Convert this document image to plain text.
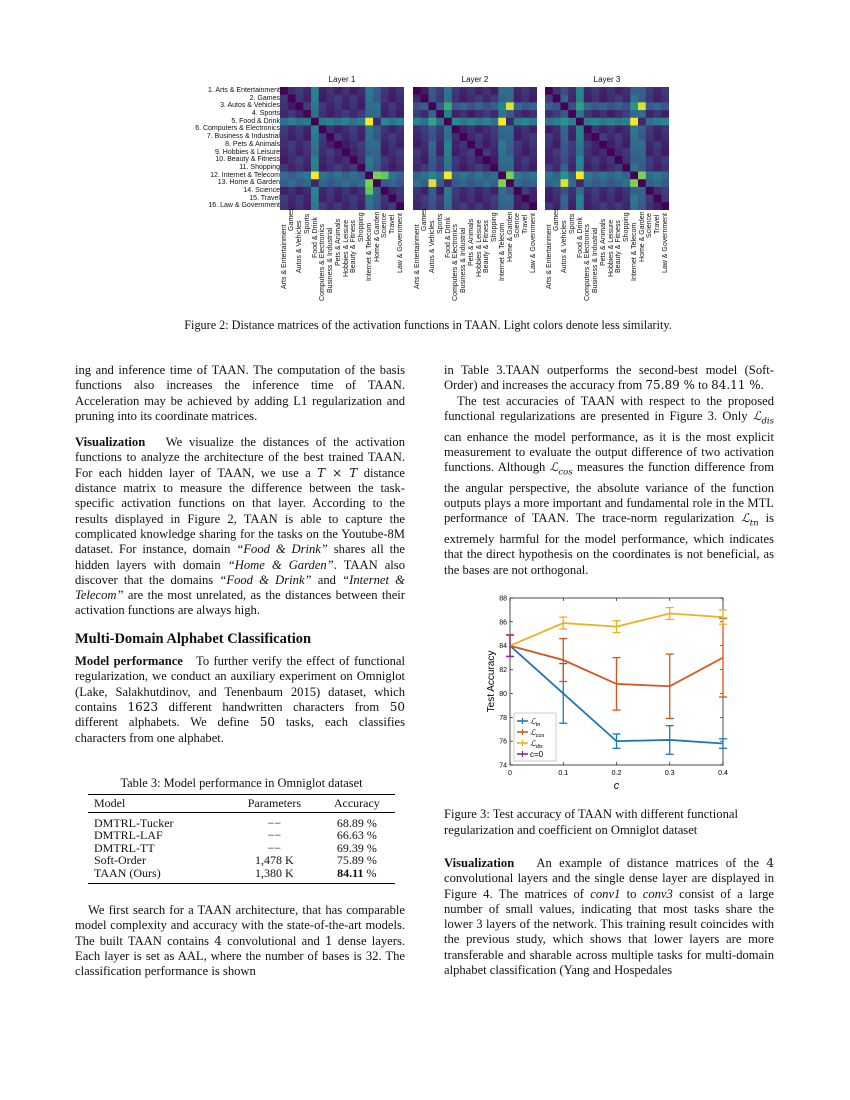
1. Arts & Entertainment
2. Games
3. Autos & Vehicles
4. Sports
5. Food & Drink
6. Computers & Electronics
7. Business & Industrial
8. Pets & Animals
9. Hobbies & Leisure
10. Beauty & Fitness
11. Shopping
12. Internet & Telecom
13. Home & Garden
14. Science
15. Travel
16. Law & Government
Layer 1
Arts & Entertainment
Games
Autos & Vehicles Sports Food & Drink Computers & Electronics Business & Industrial Pets & Animals Hobbies & Leisure Beauty & Fitness Shopping Internet & Telecom Home & Garden Science Travel Law & Government
Layer 2
Arts & Entertainment
Games
Autos & Vehicles Sports Food & Drink Computers & Electronics Business & Industrial Pets & Animals Hobbies & Leisure Beauty & Fitness Shopping Internet & Telecom Home & Garden Science Travel Law & Government
Layer 3
Arts & Entertainment
Games
Autos & Vehicles Sports Food & Drink Computers & Electronics Business & Industrial Pets & Animals Hobbies & Leisure Beauty & Fitness Shopping Internet & Telecom Home & Garden Science Travel Law & Government
Figure 2: Distance matrices of the activation functions in TAAN. Light colors denote less similarity.

ing and inference time of TAAN. The computation of the basis functions also increases the inference time of TAAN. Acceleration may be achieved by adding L1 regularization and pruning into its coordinate matrices.

Visualization We visualize the distances of the activation functions to analyze the architecture of the best trained TAAN. For each hidden layer of TAAN, we use a T × T distance distance matrix to measure the difference between the task-specific activation functions on that layer. According to the results displayed in Figure 2, TAAN is able to capture the complicated knowledge sharing for the tasks on the Youtube-8M dataset. For instance, domain “Food & Drink” shares all the hidden layers with domain “Home & Garden”. TAAN also discover that the domains “Food & Drink” and “Internet & Telecom” are the most unrelated, as the distances between their activation functions are always high.

Multi-Domain Alphabet Classification

Model performance To further verify the effect of functional regularization, we conduct an auxiliary experiment on Omniglot (Lake, Salakhutdinov, and Tenenbaum 2015) dataset, which contains 1623 different handwritten characters from 50 different alphabets. We define 50 tasks, each classifies characters from one alphabet.

Table 3: Model performance in Omniglot dataset
Model	Parameters	Accuracy

DMTRL-Tucker	−−	68.89 %
DMTRL-LAF	−−	66.63 %
DMTRL-TT	−−	69.39 %
Soft-Order	1,478 K	75.89 %
TAAN (Ours)	1,380 K	84.11 %

We first search for a TAAN architecture, that has comparable model complexity and accuracy with the state-of-the-art models. The built TAAN contains 4 convolutional and 1 dense layers. Each layer is set as AAL, where the number of bases is 32. The classification performance is shown

in Table 3.TAAN outperforms the second-best model (Soft-Order) and increases the accuracy from 75.89 % to 84.11 %.

The test accuracies of TAAN with respect to the proposed functional regularizations are presented in Figure 3. Only ℒ$_{dis}$ can enhance the model performance, as it is the most explicit measurement to evaluate the output difference of two activation functions. Although ℒ$_{cos}$ measures the function difference from the angular perspective, the absolute variance of the function outputs plays a more important and fundamental role in the MTL performance of TAAN. The trace-norm regularization ℒ$_{tn}$ is extremely harmful for the model performance, which indicates that the direct hypothesis on the coordinates is not beneficial, as the bases are not orthogonal.

0	0.1	0.2	0.3	0.4
74
76
78
80
82
84
86
88
c
Test Accuracy
ℒ$_{tn}$
ℒ$_{cos}$
ℒ$_{dis}$
c=0
Figure 3: Test accuracy of TAAN with different functional regularization and coefficient on Omniglot dataset

Visualization An example of distance matrices of the 4 convolutional layers and the single dense layer are displayed in Figure 4. The matrices of conv1 to conv3 consist of a large number of small values, indicating that most tasks share the lower 3 layers of the network. This training result coincides with the previous study, which shows that lower layers are more transferable and sharable across multiple tasks for multi-domain alphabet classification (Yang and Hospedales
